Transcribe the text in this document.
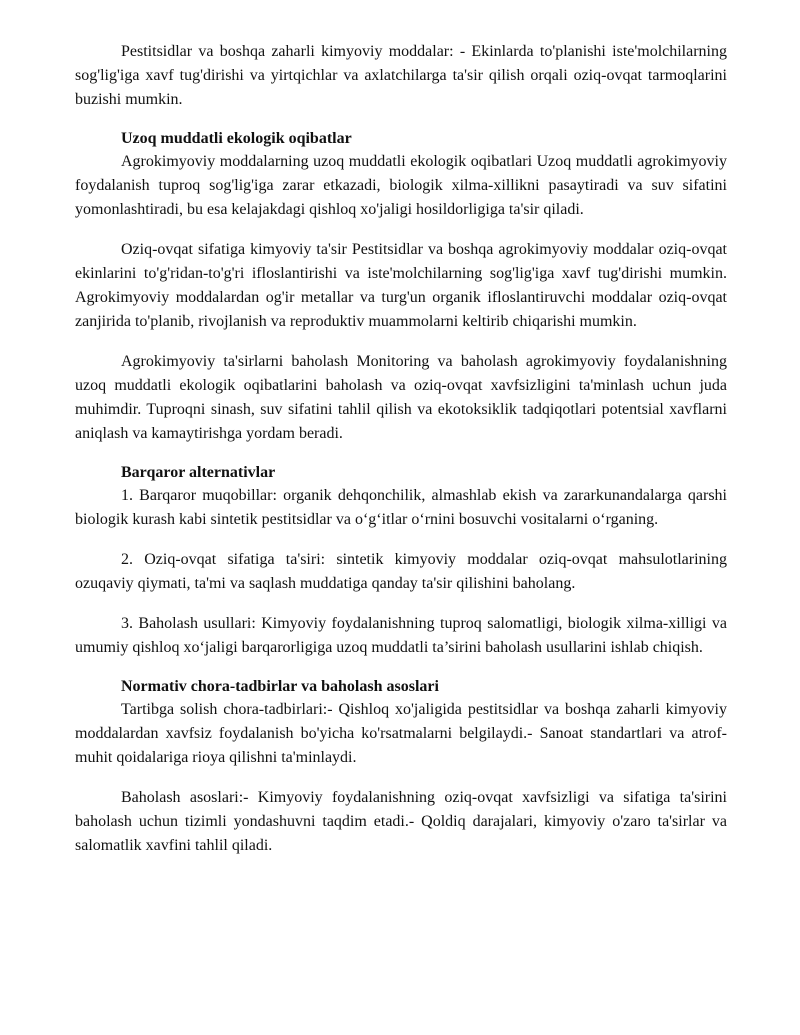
Pestitsidlar va boshqa zaharli kimyoviy moddalar: - Ekinlarda to'planishi iste'molchilarning sog'lig'iga xavf tug'dirishi va yirtqichlar va axlatchilarga ta'sir qilish orqali oziq-ovqat tarmoqlarini buzishi mumkin.

Uzoq muddatli ekologik oqibatlar

Agrokimyoviy moddalarning uzoq muddatli ekologik oqibatlari Uzoq muddatli agrokimyoviy foydalanish tuproq sog'lig'iga zarar etkazadi, biologik xilma-xillikni pasaytiradi va suv sifatini yomonlashtiradi, bu esa kelajakdagi qishloq xo'jaligi hosildorligiga ta'sir qiladi.

Oziq-ovqat sifatiga kimyoviy ta'sir Pestitsidlar va boshqa agrokimyoviy moddalar oziq-ovqat ekinlarini to'g'ridan-to'g'ri ifloslantirishi va iste'molchilarning sog'lig'iga xavf tug'dirishi mumkin. Agrokimyoviy moddalardan og'ir metallar va turg'un organik ifloslantiruvchi moddalar oziq-ovqat zanjirida to'planib, rivojlanish va reproduktiv muammolarni keltirib chiqarishi mumkin.

Agrokimyoviy ta'sirlarni baholash Monitoring va baholash agrokimyoviy foydalanishning uzoq muddatli ekologik oqibatlarini baholash va oziq-ovqat xavfsizligini ta'minlash uchun juda muhimdir. Tuproqni sinash, suv sifatini tahlil qilish va ekotoksiklik tadqiqotlari potentsial xavflarni aniqlash va kamaytirishga yordam beradi.

Barqaror alternativlar

1. Barqaror muqobillar: organik dehqonchilik, almashlab ekish va zararkunandalarga qarshi biologik kurash kabi sintetik pestitsidlar va o‘g‘itlar o‘rnini bosuvchi vositalarni o‘rganing.

2. Oziq-ovqat sifatiga ta'siri: sintetik kimyoviy moddalar oziq-ovqat mahsulotlarining ozuqaviy qiymati, ta'mi va saqlash muddatiga qanday ta'sir qilishini baholang.

3. Baholash usullari: Kimyoviy foydalanishning tuproq salomatligi, biologik xilma-xilligi va umumiy qishloq xo‘jaligi barqarorligiga uzoq muddatli ta’sirini baholash usullarini ishlab chiqish.

Normativ chora-tadbirlar va baholash asoslari

Tartibga solish chora-tadbirlari:- Qishloq xo'jaligida pestitsidlar va boshqa zaharli kimyoviy moddalardan xavfsiz foydalanish bo'yicha ko'rsatmalarni belgilaydi.- Sanoat standartlari va atrof-muhit qoidalariga rioya qilishni ta'minlaydi.

Baholash asoslari:- Kimyoviy foydalanishning oziq-ovqat xavfsizligi va sifatiga ta'sirini baholash uchun tizimli yondashuvni taqdim etadi.- Qoldiq darajalari, kimyoviy o'zaro ta'sirlar va salomatlik xavfini tahlil qiladi.
